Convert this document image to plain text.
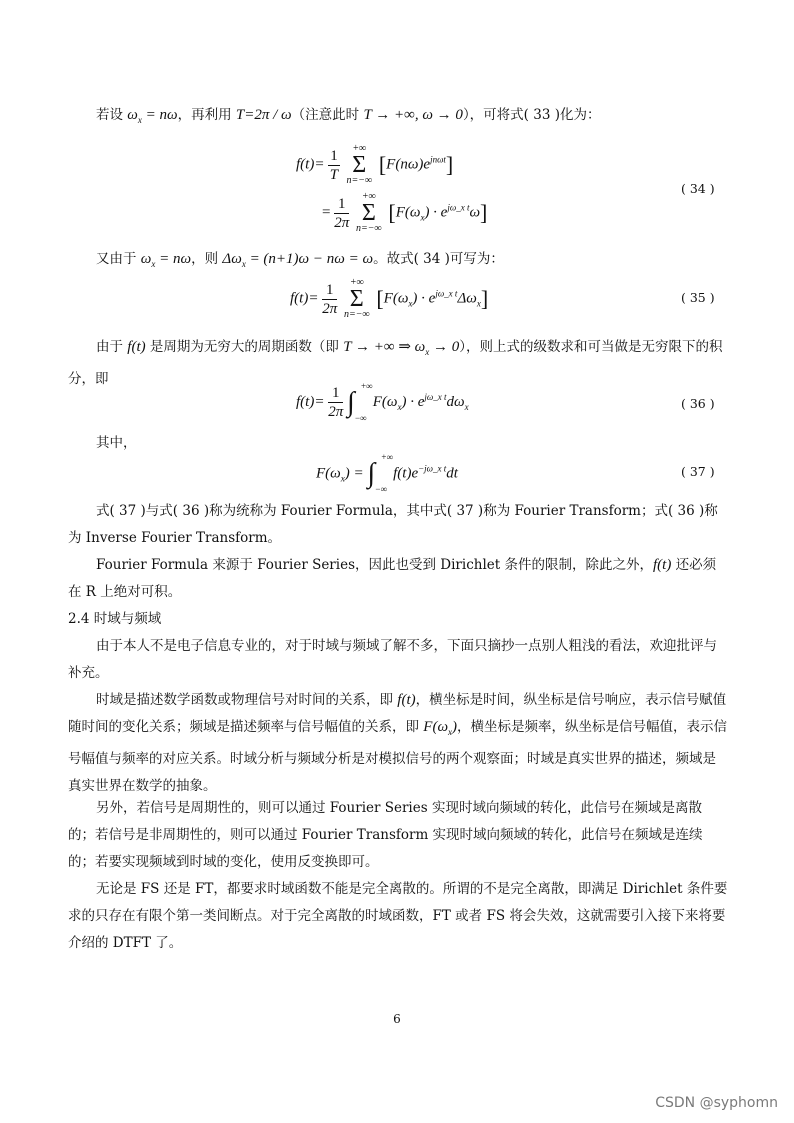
若设 $\omega_x = n\omega$，再利用 T=2π / ω（注意此时 T → +∞, ω → 0），可将式( 33 )化为：
$f(t)= \frac{1}{T}$ +∞
Σ
n=−∞ $[F(n\omega)e^{jn\omega t}]$
= $\frac{1}{2\pi}$ +∞
Σ
n=−∞ $[F(\omega_x) \cdot e^{j\omega\_x t}\omega]$
( 34 )
又由于 $\omega_x = n\omega$，则 $\Delta\omega_x = (n+1)\omega - n\omega = \omega$。故式( 34 )可写为：
$f(t)= \frac{1}{2\pi}$ +∞
Σ
n=−∞ $[F(\omega_x) \cdot e^{j\omega\_x t}\Delta\omega_x]$	( 35 )
由于 f(t) 是周期为无穷大的周期函数（即 T → +∞ ⇒ $\omega_x \to 0$），则上式的级数求和可当做是无穷限下的积分，即
$f(t)= \frac{1}{2\pi}$ ∫
+∞
−∞
$F(\omega_x) \cdot e^{j\omega\_x t}d\omega_x$	( 36 )
其中，
$F(\omega_x)$ = ∫
+∞
−∞
$f(t)e^{-j\omega\_x t}dt$	( 37 )
式( 37 )与式( 36 )称为统称为 Fourier Formula，其中式( 37 )称为 Fourier Transform；式( 36 )称为 Inverse Fourier Transform。
Fourier Formula 来源于 Fourier Series，因此也受到 Dirichlet 条件的限制，除此之外，f(t) 还必须在 R 上绝对可积。
2.4 时域与频域
由于本人不是电子信息专业的，对于时域与频域了解不多，下面只摘抄一点别人粗浅的看法，欢迎批评与补充。
时域是描述数学函数或物理信号对时间的关系，即 f(t)，横坐标是时间，纵坐标是信号响应，表示信号赋值随时间的变化关系；频域是描述频率与信号幅值的关系，即 $F(\omega_x)$，横坐标是频率，纵坐标是信号幅值，表示信号幅值与频率的对应关系。时域分析与频域分析是对模拟信号的两个观察面；时域是真实世界的描述，频域是真实世界在数学的抽象。
另外，若信号是周期性的，则可以通过 Fourier Series 实现时域向频域的转化，此信号在频域是离散的；若信号是非周期性的，则可以通过 Fourier Transform 实现时域向频域的转化，此信号在频域是连续的；若要实现频域到时域的变化，使用反变换即可。
无论是 FS 还是 FT，都要求时域函数不能是完全离散的。所谓的不是完全离散，即满足 Dirichlet 条件要求的只存在有限个第一类间断点。对于完全离散的时域函数，FT 或者 FS 将会失效，这就需要引入接下来将要介绍的 DTFT 了。
6
CSDN @syphomn
